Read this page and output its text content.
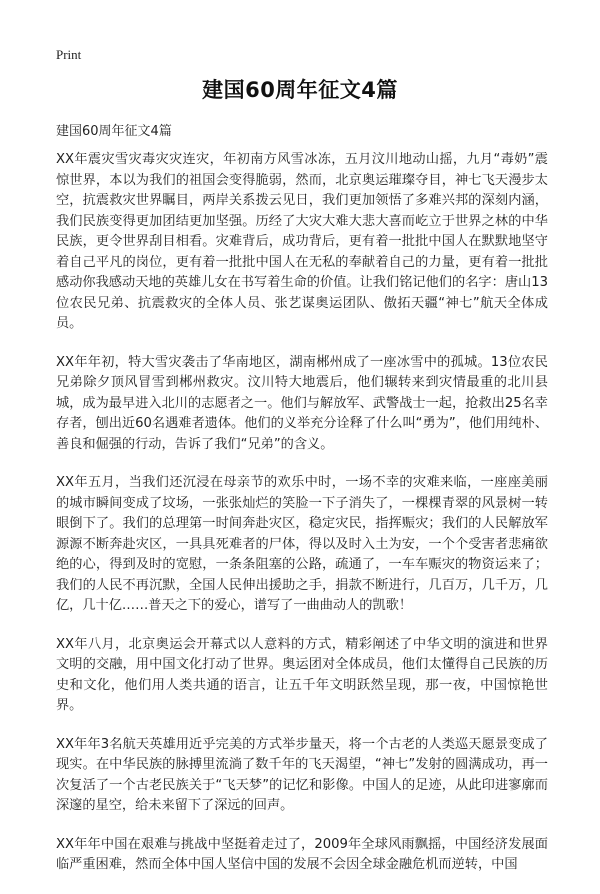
Print
建国60周年征文4篇
建国60周年征文4篇

XX年震灾雪灾毒灾灾连灾，年初南方风雪冰冻，五月汶川地动山摇，九月“毒奶”震惊世界，本以为我们的祖国会变得脆弱，然而，北京奥运璀璨夺目，神七飞天漫步太空，抗震救灾世界瞩目，两岸关系拨云见日，我们更加领悟了多难兴邦的深刻内涵，我们民族变得更加团结更加坚强。历经了大灾大难大悲大喜而屹立于世界之林的中华民族，更令世界刮目相看。灾难背后，成功背后，更有着一批批中国人在默默地坚守着自己平凡的岗位，更有着一批批中国人在无私的奉献着自己的力量，更有着一批批感动你我感动天地的英雄儿女在书写着生命的价值。让我们铭记他们的名字：唐山13位农民兄弟、抗震救灾的全体人员、张艺谋奥运团队、傲拓天疆“神七”航天全体成员。

XX年年初，特大雪灾袭击了华南地区，湖南郴州成了一座冰雪中的孤城。13位农民兄弟除夕顶风冒雪到郴州救灾。汶川特大地震后，他们辗转来到灾情最重的北川县城，成为最早进入北川的志愿者之一。他们与解放军、武警战士一起，抢救出25名幸存者，刨出近60名遇难者遗体。他们的义举充分诠释了什么叫“勇为”，他们用纯朴、善良和倔强的行动，告诉了我们“兄弟”的含义。

XX年五月，当我们还沉浸在母亲节的欢乐中时，一场不幸的灾难来临，一座座美丽的城市瞬间变成了坟场，一张张灿烂的笑脸一下子消失了，一棵棵青翠的风景树一转眼倒下了。我们的总理第一时间奔赴灾区，稳定灾民，指挥赈灾；我们的人民解放军源源不断奔赴灾区，一具具死难者的尸体，得以及时入土为安，一个个受害者悲痛欲绝的心，得到及时的宽慰，一条条阻塞的公路，疏通了，一车车赈灾的物资运来了；我们的人民不再沉默，全国人民伸出援助之手，捐款不断进行，几百万，几千万，几亿，几十亿……普天之下的爱心，谱写了一曲曲动人的凯歌！

XX年八月，北京奥运会开幕式以人意料的方式，精彩阐述了中华文明的演进和世界文明的交融，用中国文化打动了世界。奥运团对全体成员，他们太懂得自己民族的历史和文化，他们用人类共通的语言，让五千年文明跃然呈现，那一夜，中国惊艳世界。

XX年年3名航天英雄用近乎完美的方式举步量天，将一个古老的人类巡天愿景变成了现实。在中华民族的脉搏里流淌了数千年的飞天渴望，“神七”发射的圆满成功，再一次复活了一个古老民族关于“飞天梦”的记忆和影像。中国人的足迹，从此印进寥廓而深邃的星空，给未来留下了深远的回声。

XX年年中国在艰难与挑战中坚挺着走过了，2009年全球风雨飘摇，中国经济发展面临严重困难，然而全体中国人坚信中国的发展不会因全球金融危机而逆转，中国
